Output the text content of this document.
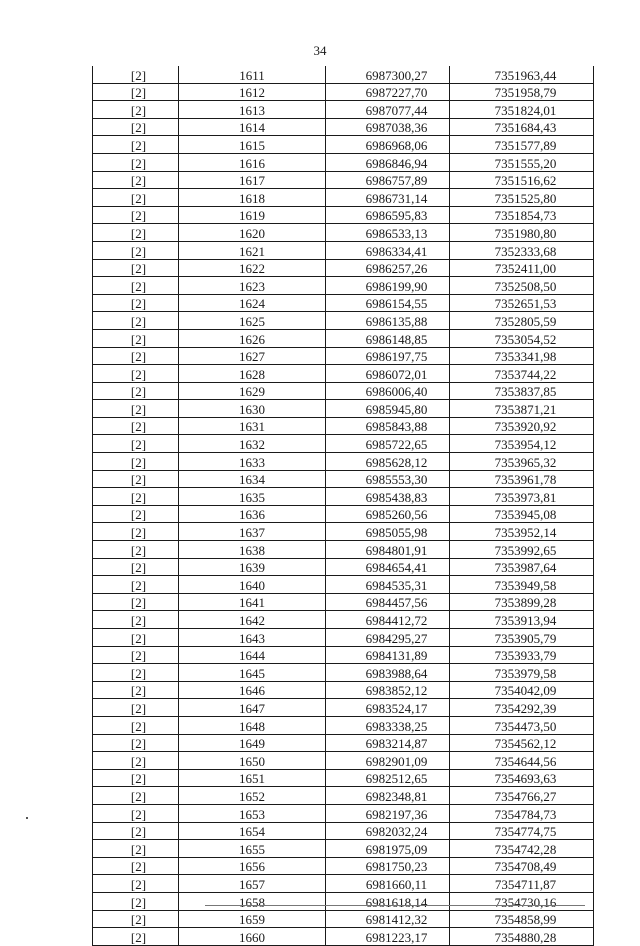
34
[2]	1611	6987300,27	7351963,44
[2]	1612	6987227,70	7351958,79
[2]	1613	6987077,44	7351824,01
[2]	1614	6987038,36	7351684,43
[2]	1615	6986968,06	7351577,89
[2]	1616	6986846,94	7351555,20
[2]	1617	6986757,89	7351516,62
[2]	1618	6986731,14	7351525,80
[2]	1619	6986595,83	7351854,73
[2]	1620	6986533,13	7351980,80
[2]	1621	6986334,41	7352333,68
[2]	1622	6986257,26	7352411,00
[2]	1623	6986199,90	7352508,50
[2]	1624	6986154,55	7352651,53
[2]	1625	6986135,88	7352805,59
[2]	1626	6986148,85	7353054,52
[2]	1627	6986197,75	7353341,98
[2]	1628	6986072,01	7353744,22
[2]	1629	6986006,40	7353837,85
[2]	1630	6985945,80	7353871,21
[2]	1631	6985843,88	7353920,92
[2]	1632	6985722,65	7353954,12
[2]	1633	6985628,12	7353965,32
[2]	1634	6985553,30	7353961,78
[2]	1635	6985438,83	7353973,81
[2]	1636	6985260,56	7353945,08
[2]	1637	6985055,98	7353952,14
[2]	1638	6984801,91	7353992,65
[2]	1639	6984654,41	7353987,64
[2]	1640	6984535,31	7353949,58
[2]	1641	6984457,56	7353899,28
[2]	1642	6984412,72	7353913,94
[2]	1643	6984295,27	7353905,79
[2]	1644	6984131,89	7353933,79
[2]	1645	6983988,64	7353979,58
[2]	1646	6983852,12	7354042,09
[2]	1647	6983524,17	7354292,39
[2]	1648	6983338,25	7354473,50
[2]	1649	6983214,87	7354562,12
[2]	1650	6982901,09	7354644,56
[2]	1651	6982512,65	7354693,63
[2]	1652	6982348,81	7354766,27
[2]	1653	6982197,36	7354784,73
[2]	1654	6982032,24	7354774,75
[2]	1655	6981975,09	7354742,28
[2]	1656	6981750,23	7354708,49
[2]	1657	6981660,11	7354711,87
[2]	1658	6981618,14	7354730,16
[2]	1659	6981412,32	7354858,99
[2]	1660	6981223,17	7354880,28
